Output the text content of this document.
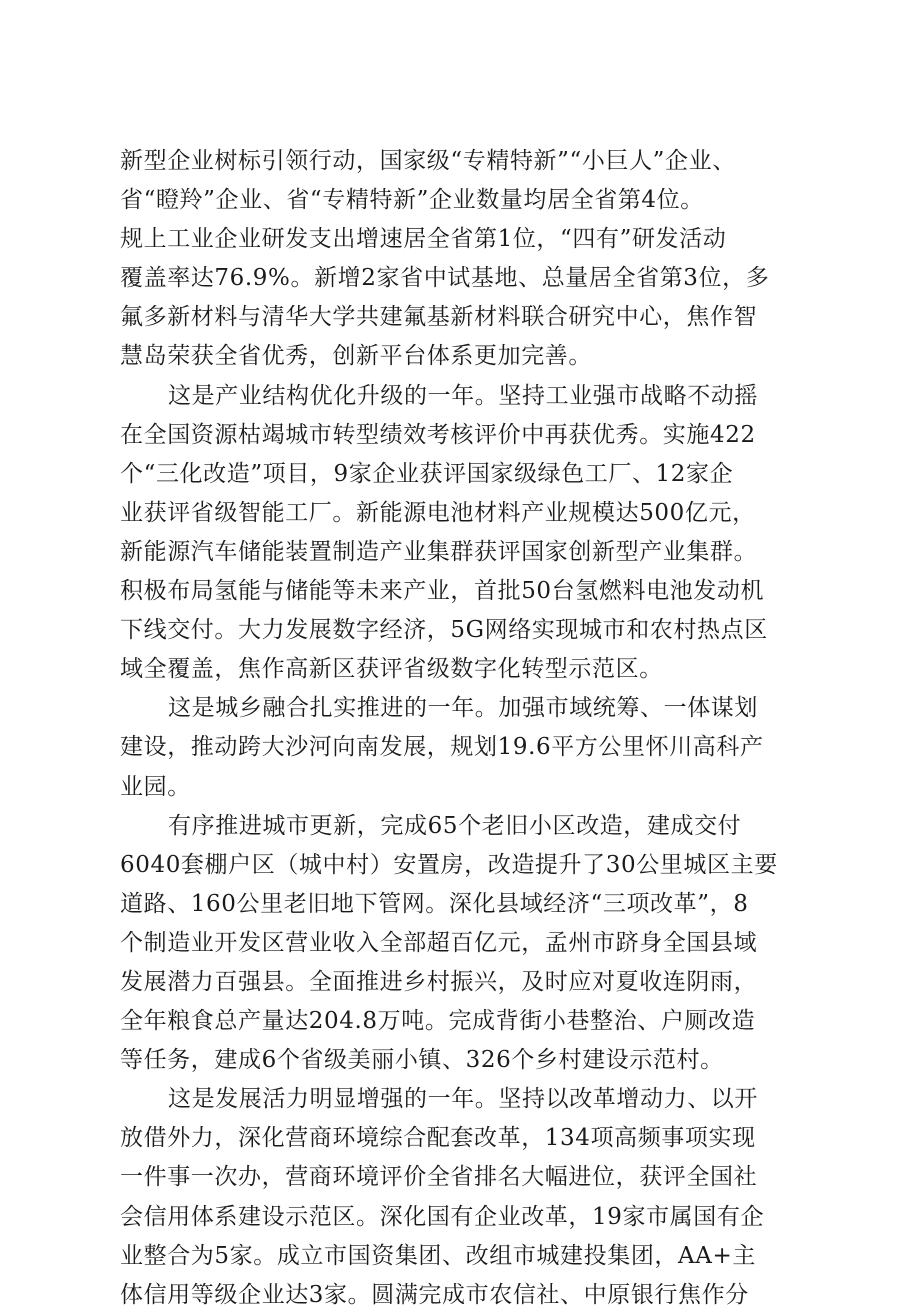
新型企业树标引领行动，国家级“专精特新”“小巨人”企业、
省“瞪羚”企业、省“专精特新”企业数量均居全省第4位。
规上工业企业研发支出增速居全省第1位，“四有”研发活动
覆盖率达76.9%。新增2家省中试基地、总量居全省第3位，多
氟多新材料与清华大学共建氟基新材料联合研究中心，焦作智
慧岛荣获全省优秀，创新平台体系更加完善。
这是产业结构优化升级的一年。坚持工业强市战略不动摇
在全国资源枯竭城市转型绩效考核评价中再获优秀。实施422
个“三化改造”项目，9家企业获评国家级绿色工厂、12家企
业获评省级智能工厂。新能源电池材料产业规模达500亿元，
新能源汽车储能装置制造产业集群获评国家创新型产业集群。
积极布局氢能与储能等未来产业，首批50台氢燃料电池发动机
下线交付。大力发展数字经济，5G网络实现城市和农村热点区
域全覆盖，焦作高新区获评省级数字化转型示范区。
这是城乡融合扎实推进的一年。加强市域统筹、一体谋划
建设，推动跨大沙河向南发展，规划19.6平方公里怀川高科产
业园。
有序推进城市更新，完成65个老旧小区改造，建成交付
6040套棚户区（城中村）安置房，改造提升了30公里城区主要
道路、160公里老旧地下管网。深化县域经济“三项改革”，8
个制造业开发区营业收入全部超百亿元，孟州市跻身全国县域
发展潜力百强县。全面推进乡村振兴，及时应对夏收连阴雨，
全年粮食总产量达204.8万吨。完成背街小巷整治、户厕改造
等任务，建成6个省级美丽小镇、326个乡村建设示范村。
这是发展活力明显增强的一年。坚持以改革增动力、以开
放借外力，深化营商环境综合配套改革，134项高频事项实现
一件事一次办，营商环境评价全省排名大幅进位，获评全国社
会信用体系建设示范区。深化国有企业改革，19家市属国有企
业整合为5家。成立市国资集团、改组市城建投集团，AA+主
体信用等级企业达3家。圆满完成市农信社、中原银行焦作分
